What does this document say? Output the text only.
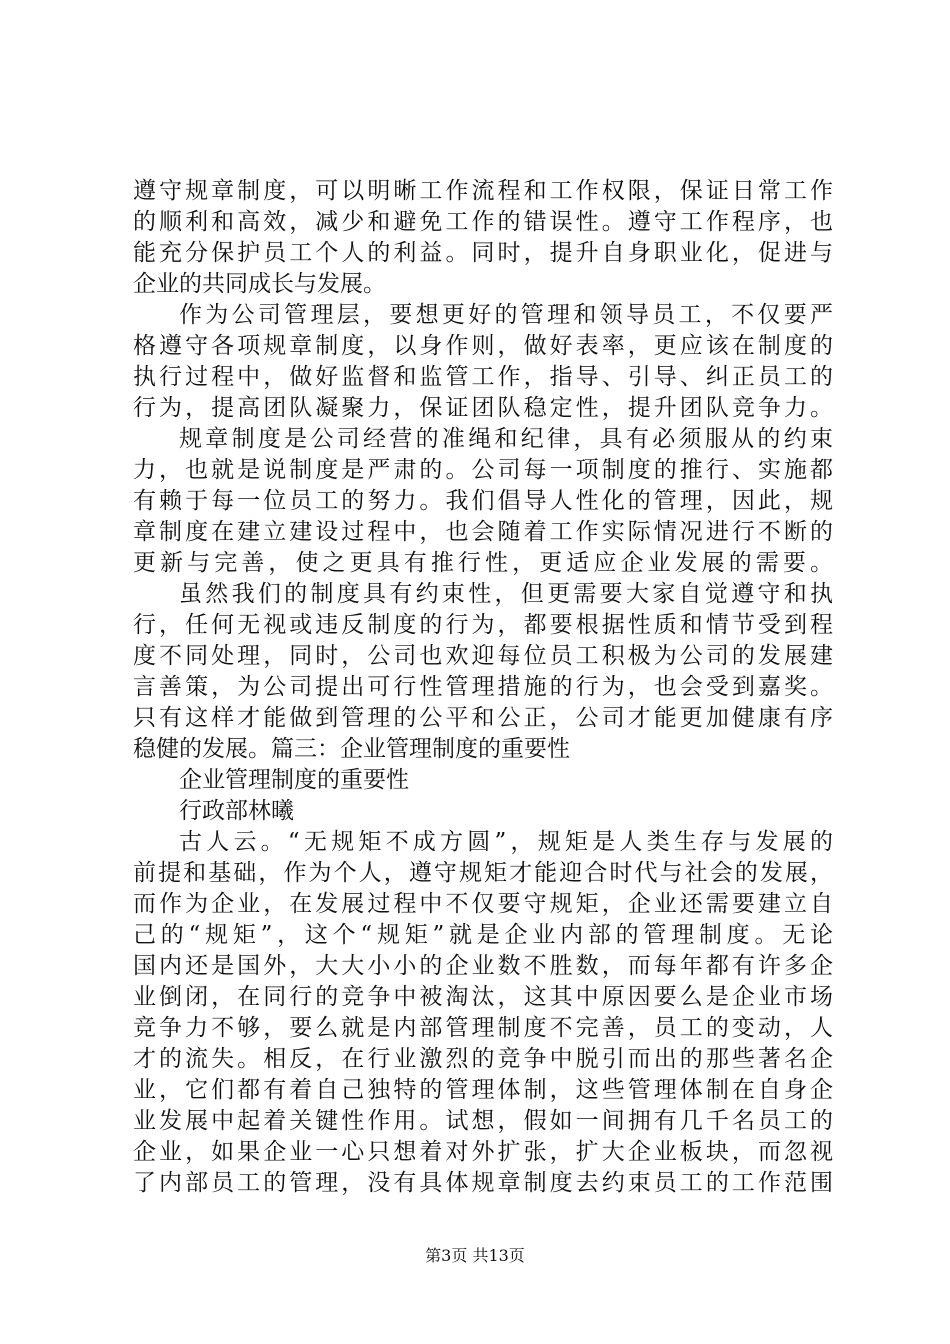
遵守规章制度，可以明晰工作流程和工作权限，保证日常工作
的顺利和高效，减少和避免工作的错误性。遵守工作程序，也
能充分保护员工个人的利益。同时，提升自身职业化，促进与
企业的共同成长与发展。
作为公司管理层，要想更好的管理和领导员工，不仅要严
格遵守各项规章制度，以身作则，做好表率，更应该在制度的
执行过程中，做好监督和监管工作，指导、引导、纠正员工的
行为，提高团队凝聚力，保证团队稳定性，提升团队竞争力。
规章制度是公司经营的准绳和纪律，具有必须服从的约束
力，也就是说制度是严肃的。公司每一项制度的推行、实施都
有赖于每一位员工的努力。我们倡导人性化的管理，因此，规
章制度在建立建设过程中，也会随着工作实际情况进行不断的
更新与完善，使之更具有推行性，更适应企业发展的需要。
虽然我们的制度具有约束性，但更需要大家自觉遵守和执
行，任何无视或违反制度的行为，都要根据性质和情节受到程
度不同处理，同时，公司也欢迎每位员工积极为公司的发展建
言善策，为公司提出可行性管理措施的行为，也会受到嘉奖。
只有这样才能做到管理的公平和公正，公司才能更加健康有序
稳健的发展。篇三：企业管理制度的重要性
企业管理制度的重要性
行政部林曦
古人云。“无规矩不成方圆”，规矩是人类生存与发展的
前提和基础，作为个人，遵守规矩才能迎合时代与社会的发展，
而作为企业，在发展过程中不仅要守规矩，企业还需要建立自
己的“规矩”，这个“规矩”就是企业内部的管理制度。无论
国内还是国外，大大小小的企业数不胜数，而每年都有许多企
业倒闭，在同行的竞争中被淘汰，这其中原因要么是企业市场
竞争力不够，要么就是内部管理制度不完善，员工的变动，人
才的流失。相反，在行业激烈的竞争中脱引而出的那些著名企
业，它们都有着自己独特的管理体制，这些管理体制在自身企
业发展中起着关键性作用。试想，假如一间拥有几千名员工的
企业，如果企业一心只想着对外扩张，扩大企业板块，而忽视
了内部员工的管理，没有具体规章制度去约束员工的工作范围
第3页 共13页
